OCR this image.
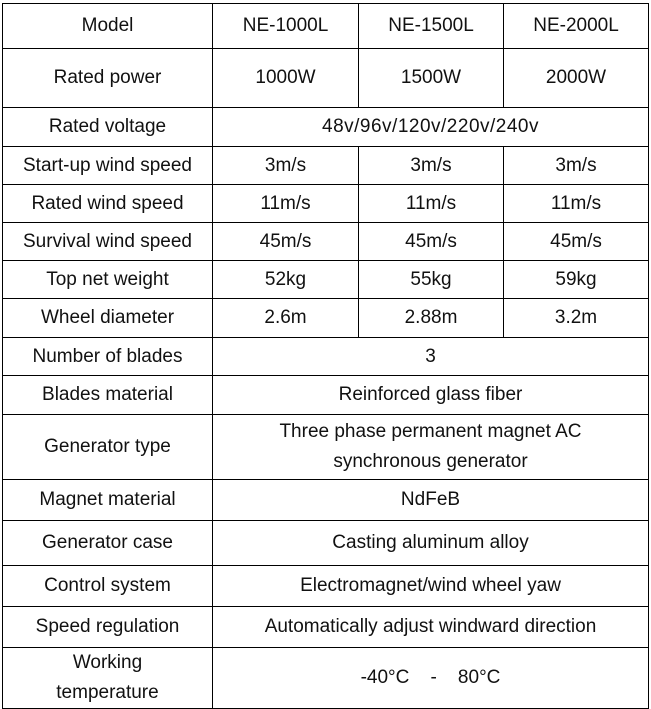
Model	NE-1000L	NE-1500L	NE-2000L
Rated power	1000W	1500W	2000W
Rated voltage	48v/96v/120v/220v/240v		
Start-up wind speed	3m/s	3m/s	3m/s
Rated wind speed	11m/s	11m/s	11m/s
Survival wind speed	45m/s	45m/s	45m/s
Top net weight	52kg	55kg	59kg
Wheel diameter	2.6m	2.88m	3.2m
Number of blades	3		
Blades material	Reinforced glass fiber		
Generator type	Three phase permanent magnet AC synchronous generator		
Magnet material	NdFeB		
Generator case	Casting aluminum alloy		
Control system	Electromagnet/wind wheel yaw		
Speed regulation	Automatically adjust windward direction		
Working temperature	-40°C    -    80°C		
